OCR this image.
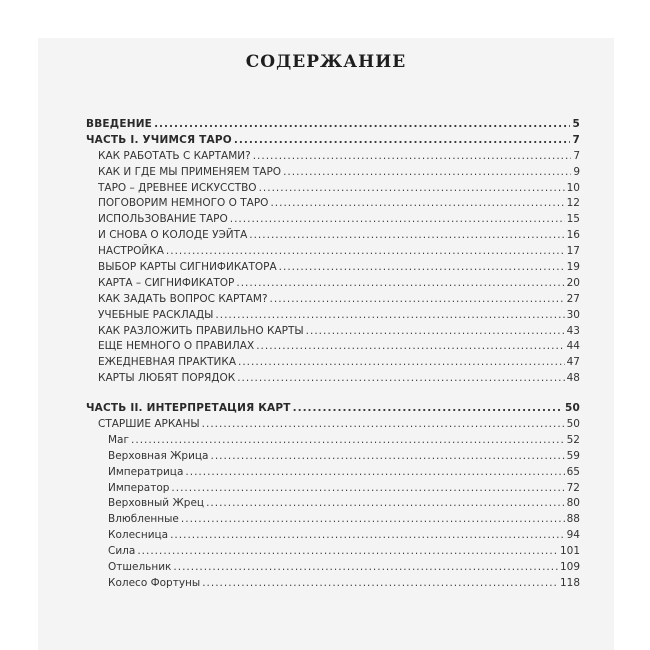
СОДЕРЖАНИЕ
ВВЕДЕНИЕ .....	5
ЧАСТЬ I. УЧИМСЯ ТАРО .....	7
КАК РАБОТАТЬ С КАРТАМИ? .....	7
КАК И ГДЕ МЫ ПРИМЕНЯЕМ ТАРО .....	9
ТАРО – ДРЕВНЕЕ ИСКУССТВО .....	10
ПОГОВОРИМ НЕМНОГО О ТАРО .....	12
ИСПОЛЬЗОВАНИЕ ТАРО .....	15
И СНОВА О КОЛОДЕ УЭЙТА .....	16
НАСТРОЙКА .....	17
ВЫБОР КАРТЫ СИГНИФИКАТОРА .....	19
КАРТА – СИГНИФИКАТОР .....	20
КАК ЗАДАТЬ ВОПРОС КАРТАМ? .....	27
УЧЕБНЫЕ РАСКЛАДЫ .....	30
КАК РАЗЛОЖИТЬ ПРАВИЛЬНО КАРТЫ .....	43
ЕЩЕ НЕМНОГО О ПРАВИЛАХ .....	44
ЕЖЕДНЕВНАЯ ПРАКТИКА .....	47
КАРТЫ ЛЮБЯТ ПОРЯДОК .....	48
ЧАСТЬ II. ИНТЕРПРЕТАЦИЯ КАРТ .....	50
СТАРШИЕ АРКАНЫ .....	50
Маг .....	52
Верховная Жрица .....	59
Императрица .....	65
Император .....	72
Верховный Жрец .....	80
Влюбленные .....	88
Колесница .....	94
Сила .....	101
Отшельник .....	109
Колесо Фортуны .....	118
